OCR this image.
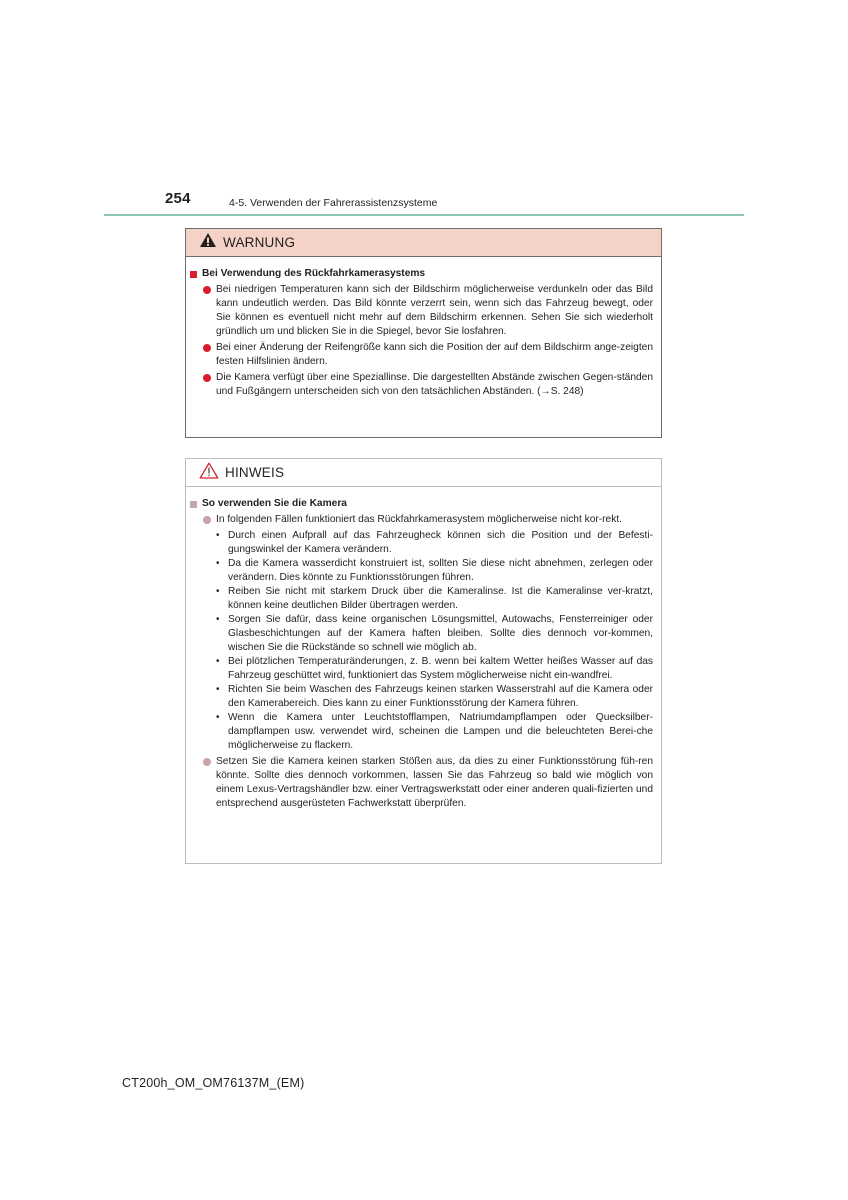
254	4-5. Verwenden der Fahrerassistenzsysteme
WARNUNG
Bei Verwendung des Rückfahrkamerasystems
Bei niedrigen Temperaturen kann sich der Bildschirm möglicherweise verdunkeln oder das Bild kann undeutlich werden. Das Bild könnte verzerrt sein, wenn sich das Fahrzeug bewegt, oder Sie können es eventuell nicht mehr auf dem Bildschirm erkennen. Sehen Sie sich wiederholt gründlich um und blicken Sie in die Spiegel, bevor Sie losfahren.
Bei einer Änderung der Reifengröße kann sich die Position der auf dem Bildschirm ange-zeigten festen Hilfslinien ändern.
Die Kamera verfügt über eine Speziallinse. Die dargestellten Abstände zwischen Gegen-ständen und Fußgängern unterscheiden sich von den tatsächlichen Abständen. (→S. 248)
HINWEIS
So verwenden Sie die Kamera
In folgenden Fällen funktioniert das Rückfahrkamerasystem möglicherweise nicht kor-rekt.
• Durch einen Aufprall auf das Fahrzeugheck können sich die Position und der Befesti-gungswinkel der Kamera verändern.
• Da die Kamera wasserdicht konstruiert ist, sollten Sie diese nicht abnehmen, zerlegen oder verändern. Dies könnte zu Funktionsstörungen führen.
• Reiben Sie nicht mit starkem Druck über die Kameralinse. Ist die Kameralinse ver-kratzt, können keine deutlichen Bilder übertragen werden.
• Sorgen Sie dafür, dass keine organischen Lösungsmittel, Autowachs, Fensterreiniger oder Glasbeschichtungen auf der Kamera haften bleiben. Sollte dies dennoch vor-kommen, wischen Sie die Rückstände so schnell wie möglich ab.
• Bei plötzlichen Temperaturänderungen, z. B. wenn bei kaltem Wetter heißes Wasser auf das Fahrzeug geschüttet wird, funktioniert das System möglicherweise nicht ein-wandfrei.
• Richten Sie beim Waschen des Fahrzeugs keinen starken Wasserstrahl auf die Kamera oder den Kamerabereich. Dies kann zu einer Funktionsstörung der Kamera führen.
• Wenn die Kamera unter Leuchtstofflampen, Natriumdampflampen oder Quecksilber-dampflampen usw. verwendet wird, scheinen die Lampen und die beleuchteten Berei-che möglicherweise zu flackern.
Setzen Sie die Kamera keinen starken Stößen aus, da dies zu einer Funktionsstörung füh-ren könnte. Sollte dies dennoch vorkommen, lassen Sie das Fahrzeug so bald wie möglich von einem Lexus-Vertragshändler bzw. einer Vertragswerkstatt oder einer anderen quali-fizierten und entsprechend ausgerüsteten Fachwerkstatt überprüfen.
CT200h_OM_OM76137M_(EM)
